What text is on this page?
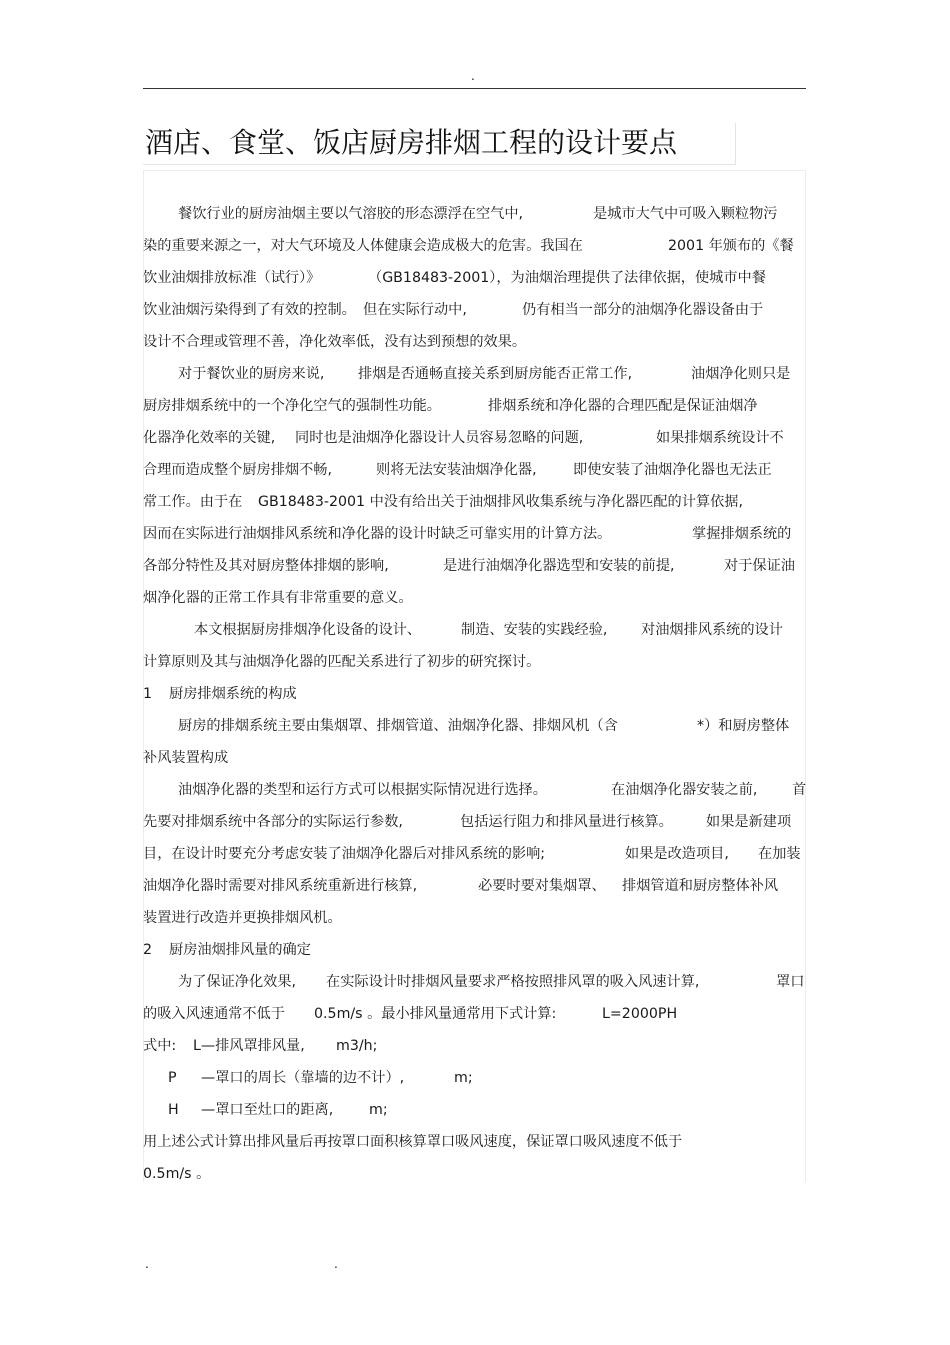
.
酒店、食堂、饭店厨房排烟工程的设计要点
餐饮行业的厨房油烟主要以气溶胶的形态漂浮在空气中,	是城市大气中可吸入颗粒物污
染的重要来源之一，对大气环境及人体健康会造成极大的危害。我国在	2001 年颁布的《餐
饮业油烟排放标准（试行）》	（GB18483-2001），为油烟治理提供了法律依据，使城市中餐
饮业油烟污染得到了有效的控制。 但在实际行动中,	仍有相当一部分的油烟净化器设备由于
设计不合理或管理不善，净化效率低，没有达到预想的效果。
对于餐饮业的厨房来说, 排烟是否通畅直接关系到厨房能否正常工作,	油烟净化则只是
厨房排烟系统中的一个净化空气的强制性功能。	排烟系统和净化器的合理匹配是保证油烟净
化器净化效率的关键, 同时也是油烟净化器设计人员容易忽略的问题,	如果排烟系统设计不
合理而造成整个厨房排烟不畅,	则将无法安装油烟净化器,	即使安装了油烟净化器也无法正
常工作。由于在 GB18483-2001 中没有给出关于油烟排风收集系统与净化器匹配的计算依据,
因而在实际进行油烟排风系统和净化器的设计时缺乏可靠实用的计算方法。	掌握排烟系统的
各部分特性及其对厨房整体排烟的影响,	是进行油烟净化器选型和安装的前提,	对于保证油
烟净化器的正常工作具有非常重要的意义。
本文根据厨房排烟净化设备的设计、	制造、安装的实践经验, 对油烟排风系统的设计
计算原则及其与油烟净化器的匹配关系进行了初步的研究探讨。
1 厨房排烟系统的构成
厨房的排烟系统主要由集烟罩、排烟管道、油烟净化器、排烟风机（含	*）和厨房整体
补风装置构成
油烟净化器的类型和运行方式可以根据实际情况进行选择。	在油烟净化器安装之前, 首
先要对排烟系统中各部分的实际运行参数,	包括运行阻力和排风量进行核算。 如果是新建项
目，在设计时要充分考虑安装了油烟净化器后对排风系统的影响;	如果是改造项目, 在加装
油烟净化器时需要对排风系统重新进行核算,	必要时要对集烟罩、 排烟管道和厨房整体补风
装置进行改造并更换排烟风机。
2 厨房油烟排风量的确定
为了保证净化效果, 在实际设计时排烟风量要求严格按照排风罩的吸入风速计算,	罩口
的吸入风速通常不低于 0.5m/s 。最小排风量通常用下式计算:	L=2000PH
式中: L—排风罩排风量, m3/h;
P —罩口的周长（靠墙的边不计）,	m;
H —罩口至灶口的距离,	m;
用上述公式计算出排风量后再按罩口面积核算罩口吸风速度，保证罩口吸风速度不低于
0.5m/s 。
.	.
